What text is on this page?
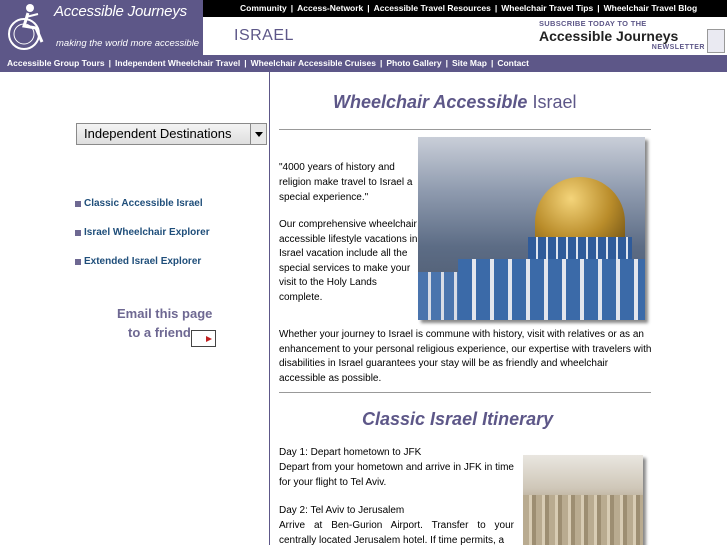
Accessible Journeys
making the world more accessible
Community | Access-Network | Accessible Travel Resources | Wheelchair Travel Tips | Wheelchair Travel Blog
ISRAEL
SUBSCRIBE TODAY TO THE
Accessible Journeys
NEWSLETTER
Accessible Group Tours | Independent Wheelchair Travel | Wheelchair Accessible Cruises | Photo Gallery | Site Map | Contact
Independent Destinations
Classic Accessible Israel
Israel Wheelchair Explorer
Extended Israel Explorer
Email this page
to a friend
Wheelchair Accessible Israel
"4000 years of history and religion make travel to Israel a special experience."
Our comprehensive wheelchair accessible lifestyle vacations in Israel vacation include all the special services to make your visit to the Holy Lands complete.
Whether your journey to Israel is commune with history, visit with relatives or as an enhancement to your personal religious experience, our expertise with travelers with disabilities in Israel guarantees your stay will be as friendly and wheelchair accessible as possible.
Classic Israel Itinerary

Day 1: Depart hometown to JFK
Depart from your hometown and arrive in JFK in time for your flight to Tel Aviv.

Day 2: Tel Aviv to Jerusalem
Arrive at Ben-Gurion Airport. Transfer to your centrally located Jerusalem hotel. If time permits, a
